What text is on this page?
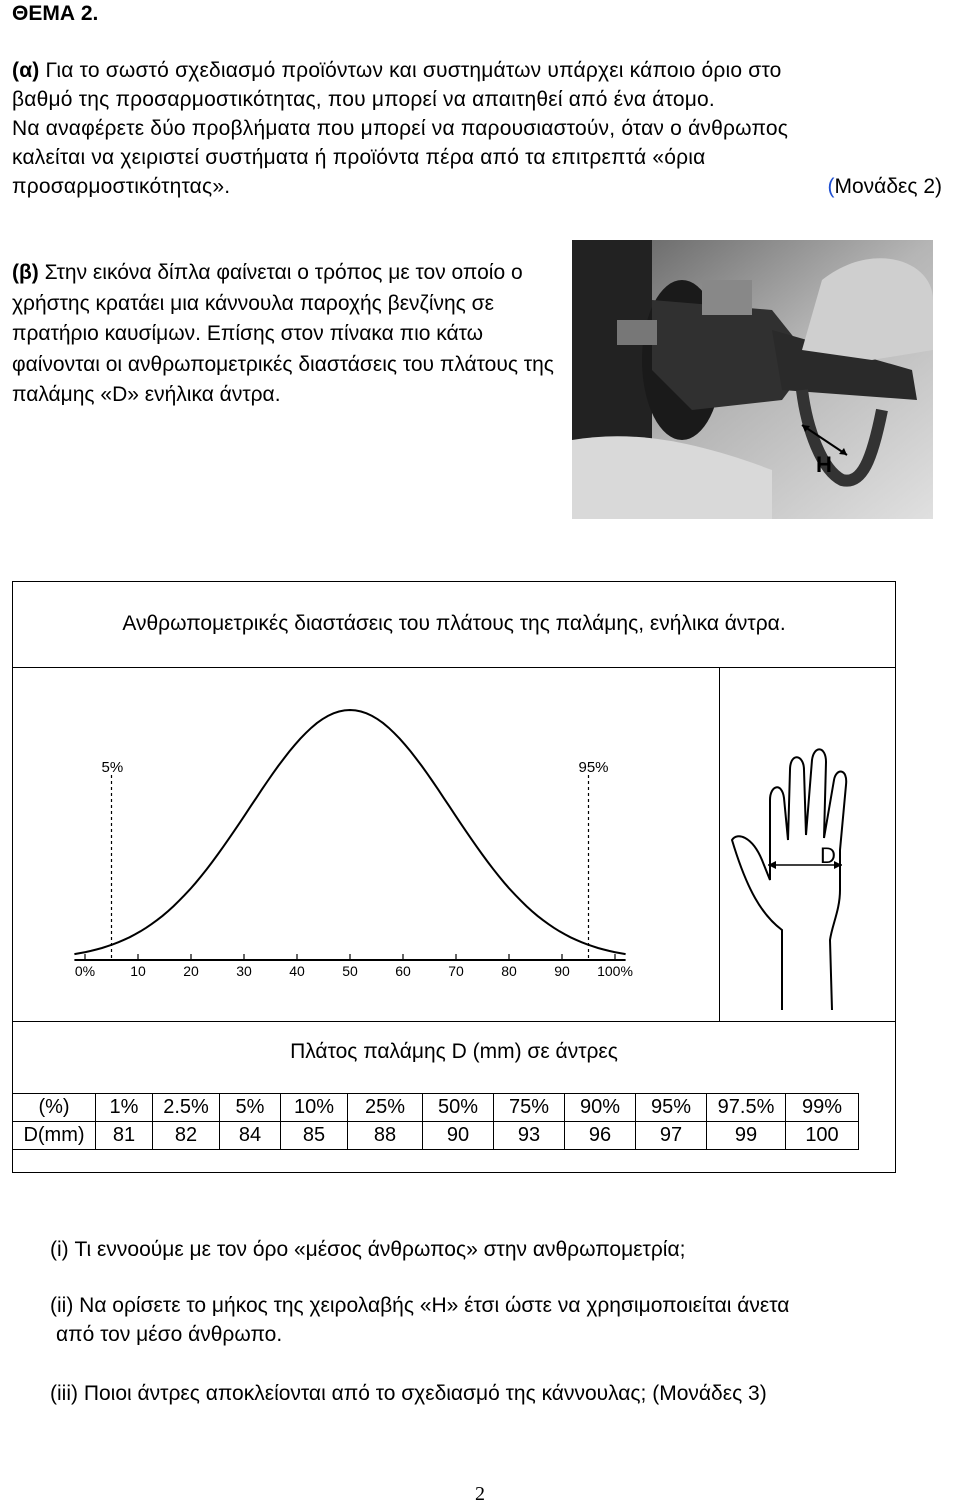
ΘΕΜΑ 2.
(α) Για το σωστό σχεδιασμό προϊόντων και συστημάτων υπάρχει κάποιο όριο στο
βαθμό της προσαρμοστικότητας, που μπορεί να απαιτηθεί από ένα άτομο.
Να αναφέρετε δύο προβλήματα που μπορεί να παρουσιαστούν, όταν ο άνθρωπος
καλείται να χειριστεί συστήματα ή προϊόντα πέρα από τα επιτρεπτά «όρια
προσαρμοστικότητας».	(Μονάδες 2)
(β) Στην εικόνα δίπλα φαίνεται ο τρόπος με τον οποίο ο χρήστης κρατάει μια κάννουλα παροχής βενζίνης σε πρατήριο καυσίμων. Επίσης στον πίνακα πιο κάτω φαίνονται οι ανθρωπομετρικές διαστάσεις του πλάτους της παλάμης «D» ενήλικα άντρα.
H
Ανθρωπομετρικές διαστάσεις του πλάτους της παλάμης, ενήλικα άντρα.
5%	95%
0%	10	20	30	40	50	60	70	80	90 100%
D
Πλάτος παλάμης D (mm) σε άντρες
(%)	1%	2.5%	5%	10%	25%	50%	75%	90%	95%	97.5%	99%
D(mm)	81	82	84	85	88	90	93	96	97	99	100
(i) Τι εννοούμε με τον όρο «μέσος άνθρωπος» στην ανθρωπομετρία;
(ii) Να ορίσετε το μήκος της χειρολαβής «Η» έτσι ώστε να χρησιμοποιείται άνετα
από τον μέσο άνθρωπο.
(iii) Ποιοι άντρες αποκλείονται από το σχεδιασμό της κάννουλας; (Μονάδες 3)
2
